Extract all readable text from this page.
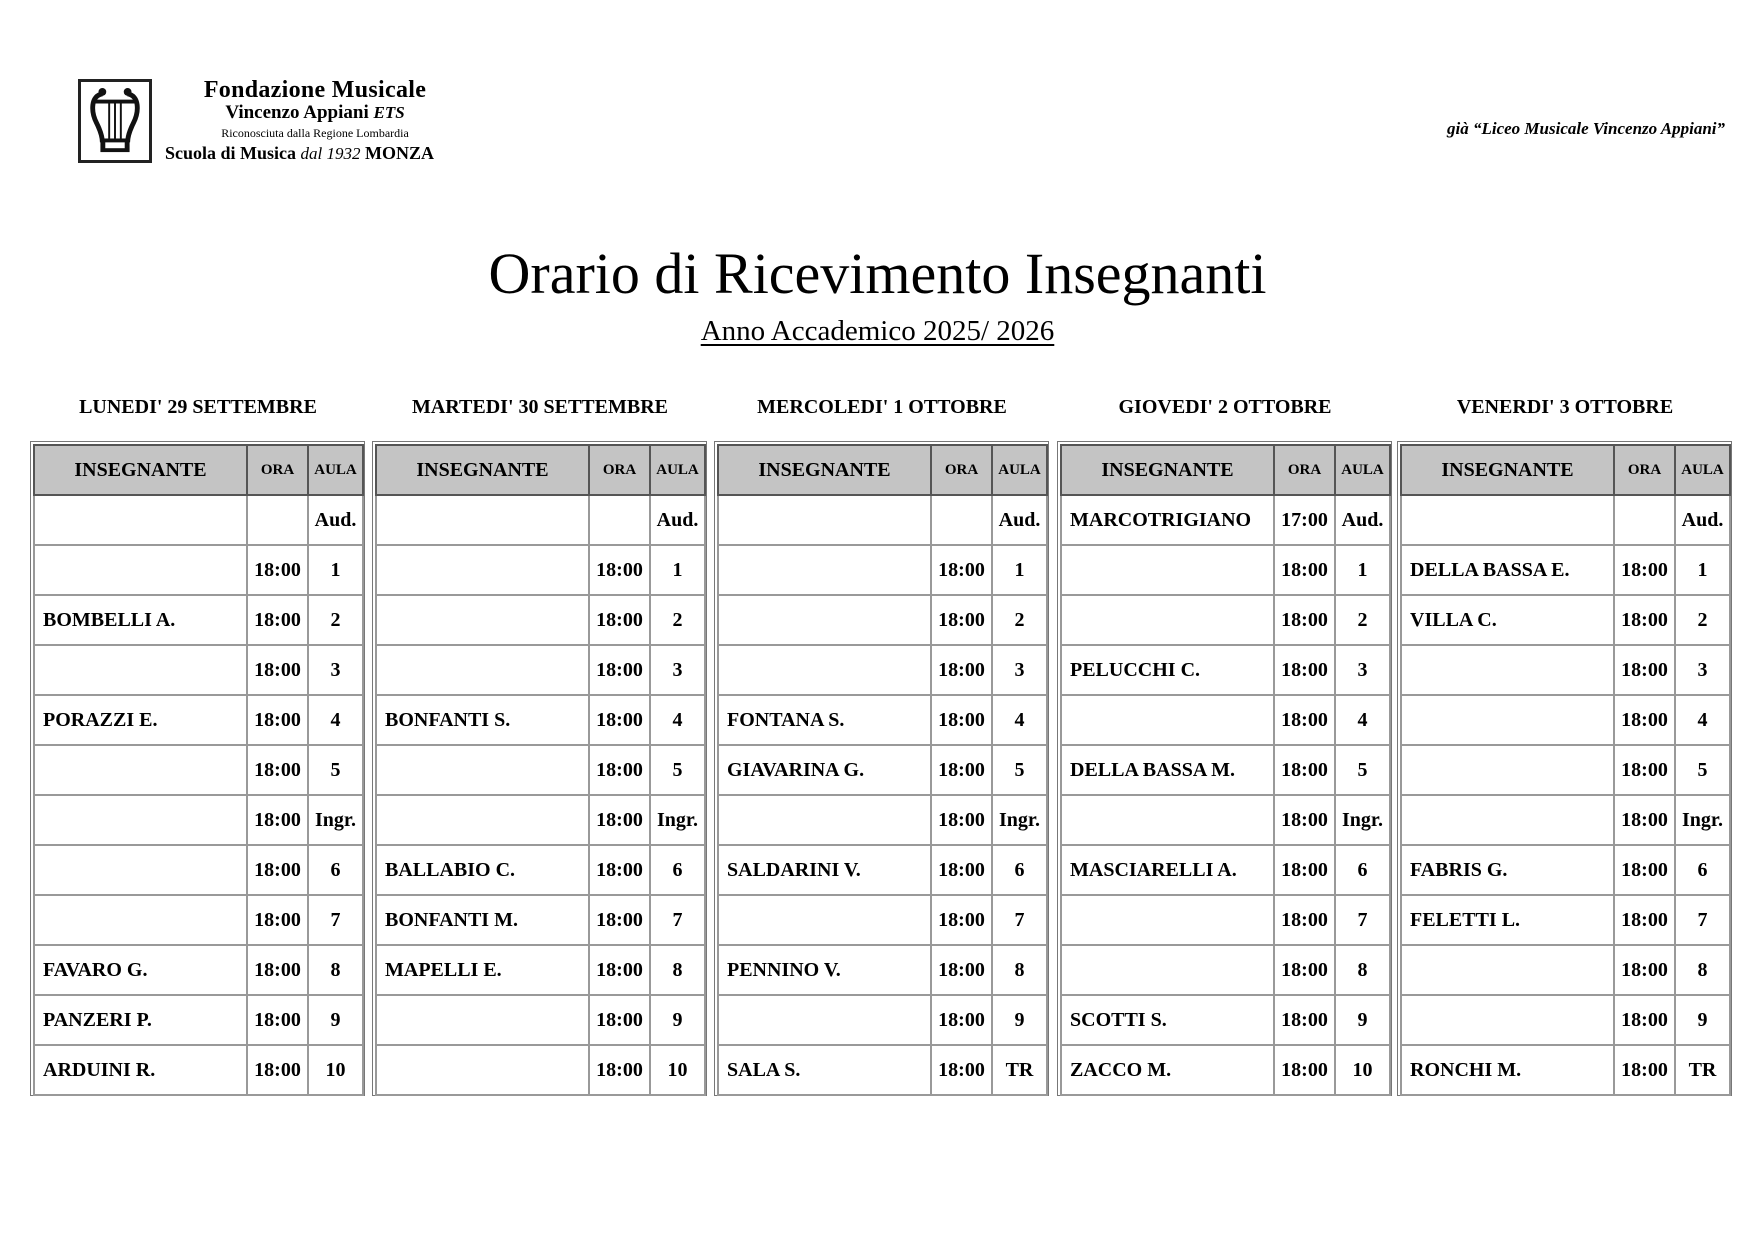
Fondazione Musicale
Vincenzo Appiani ETS
Riconosciuta dalla Regione Lombardia
Scuola di Musica dal 1932 MONZA
già “Liceo Musicale Vincenzo Appiani”
Orario di Ricevimento Insegnanti
Anno Accademico 2025/ 2026
LUNEDI' 29 SETTEMBRE
INSEGNANTE	ORA	AULA
		Aud.
	18:00	1
BOMBELLI A.	18:00	2
	18:00	3
PORAZZI E.	18:00	4
	18:00	5
	18:00	Ingr.
	18:00	6
	18:00	7
FAVARO G.	18:00	8
PANZERI P.	18:00	9
ARDUINI R.	18:00	10
MARTEDI' 30 SETTEMBRE
INSEGNANTE	ORA	AULA
		Aud.
	18:00	1
	18:00	2
	18:00	3
BONFANTI S.	18:00	4
	18:00	5
	18:00	Ingr.
BALLABIO C.	18:00	6
BONFANTI M.	18:00	7
MAPELLI E.	18:00	8
	18:00	9
	18:00	10
MERCOLEDI' 1 OTTOBRE
INSEGNANTE	ORA	AULA
		Aud.
	18:00	1
	18:00	2
	18:00	3
FONTANA S.	18:00	4
GIAVARINA G.	18:00	5
	18:00	Ingr.
SALDARINI V.	18:00	6
	18:00	7
PENNINO V.	18:00	8
	18:00	9
SALA S.	18:00	TR
GIOVEDI' 2 OTTOBRE
INSEGNANTE	ORA	AULA
MARCOTRIGIANO	17:00	Aud.
	18:00	1
	18:00	2
PELUCCHI C.	18:00	3
	18:00	4
DELLA BASSA M.	18:00	5
	18:00	Ingr.
MASCIARELLI A.	18:00	6
	18:00	7
	18:00	8
SCOTTI S.	18:00	9
ZACCO M.	18:00	10
VENERDI' 3 OTTOBRE
INSEGNANTE	ORA	AULA
		Aud.
DELLA BASSA E.	18:00	1
VILLA C.	18:00	2
	18:00	3
	18:00	4
	18:00	5
	18:00	Ingr.
FABRIS G.	18:00	6
FELETTI L.	18:00	7
	18:00	8
	18:00	9
RONCHI M.	18:00	TR
